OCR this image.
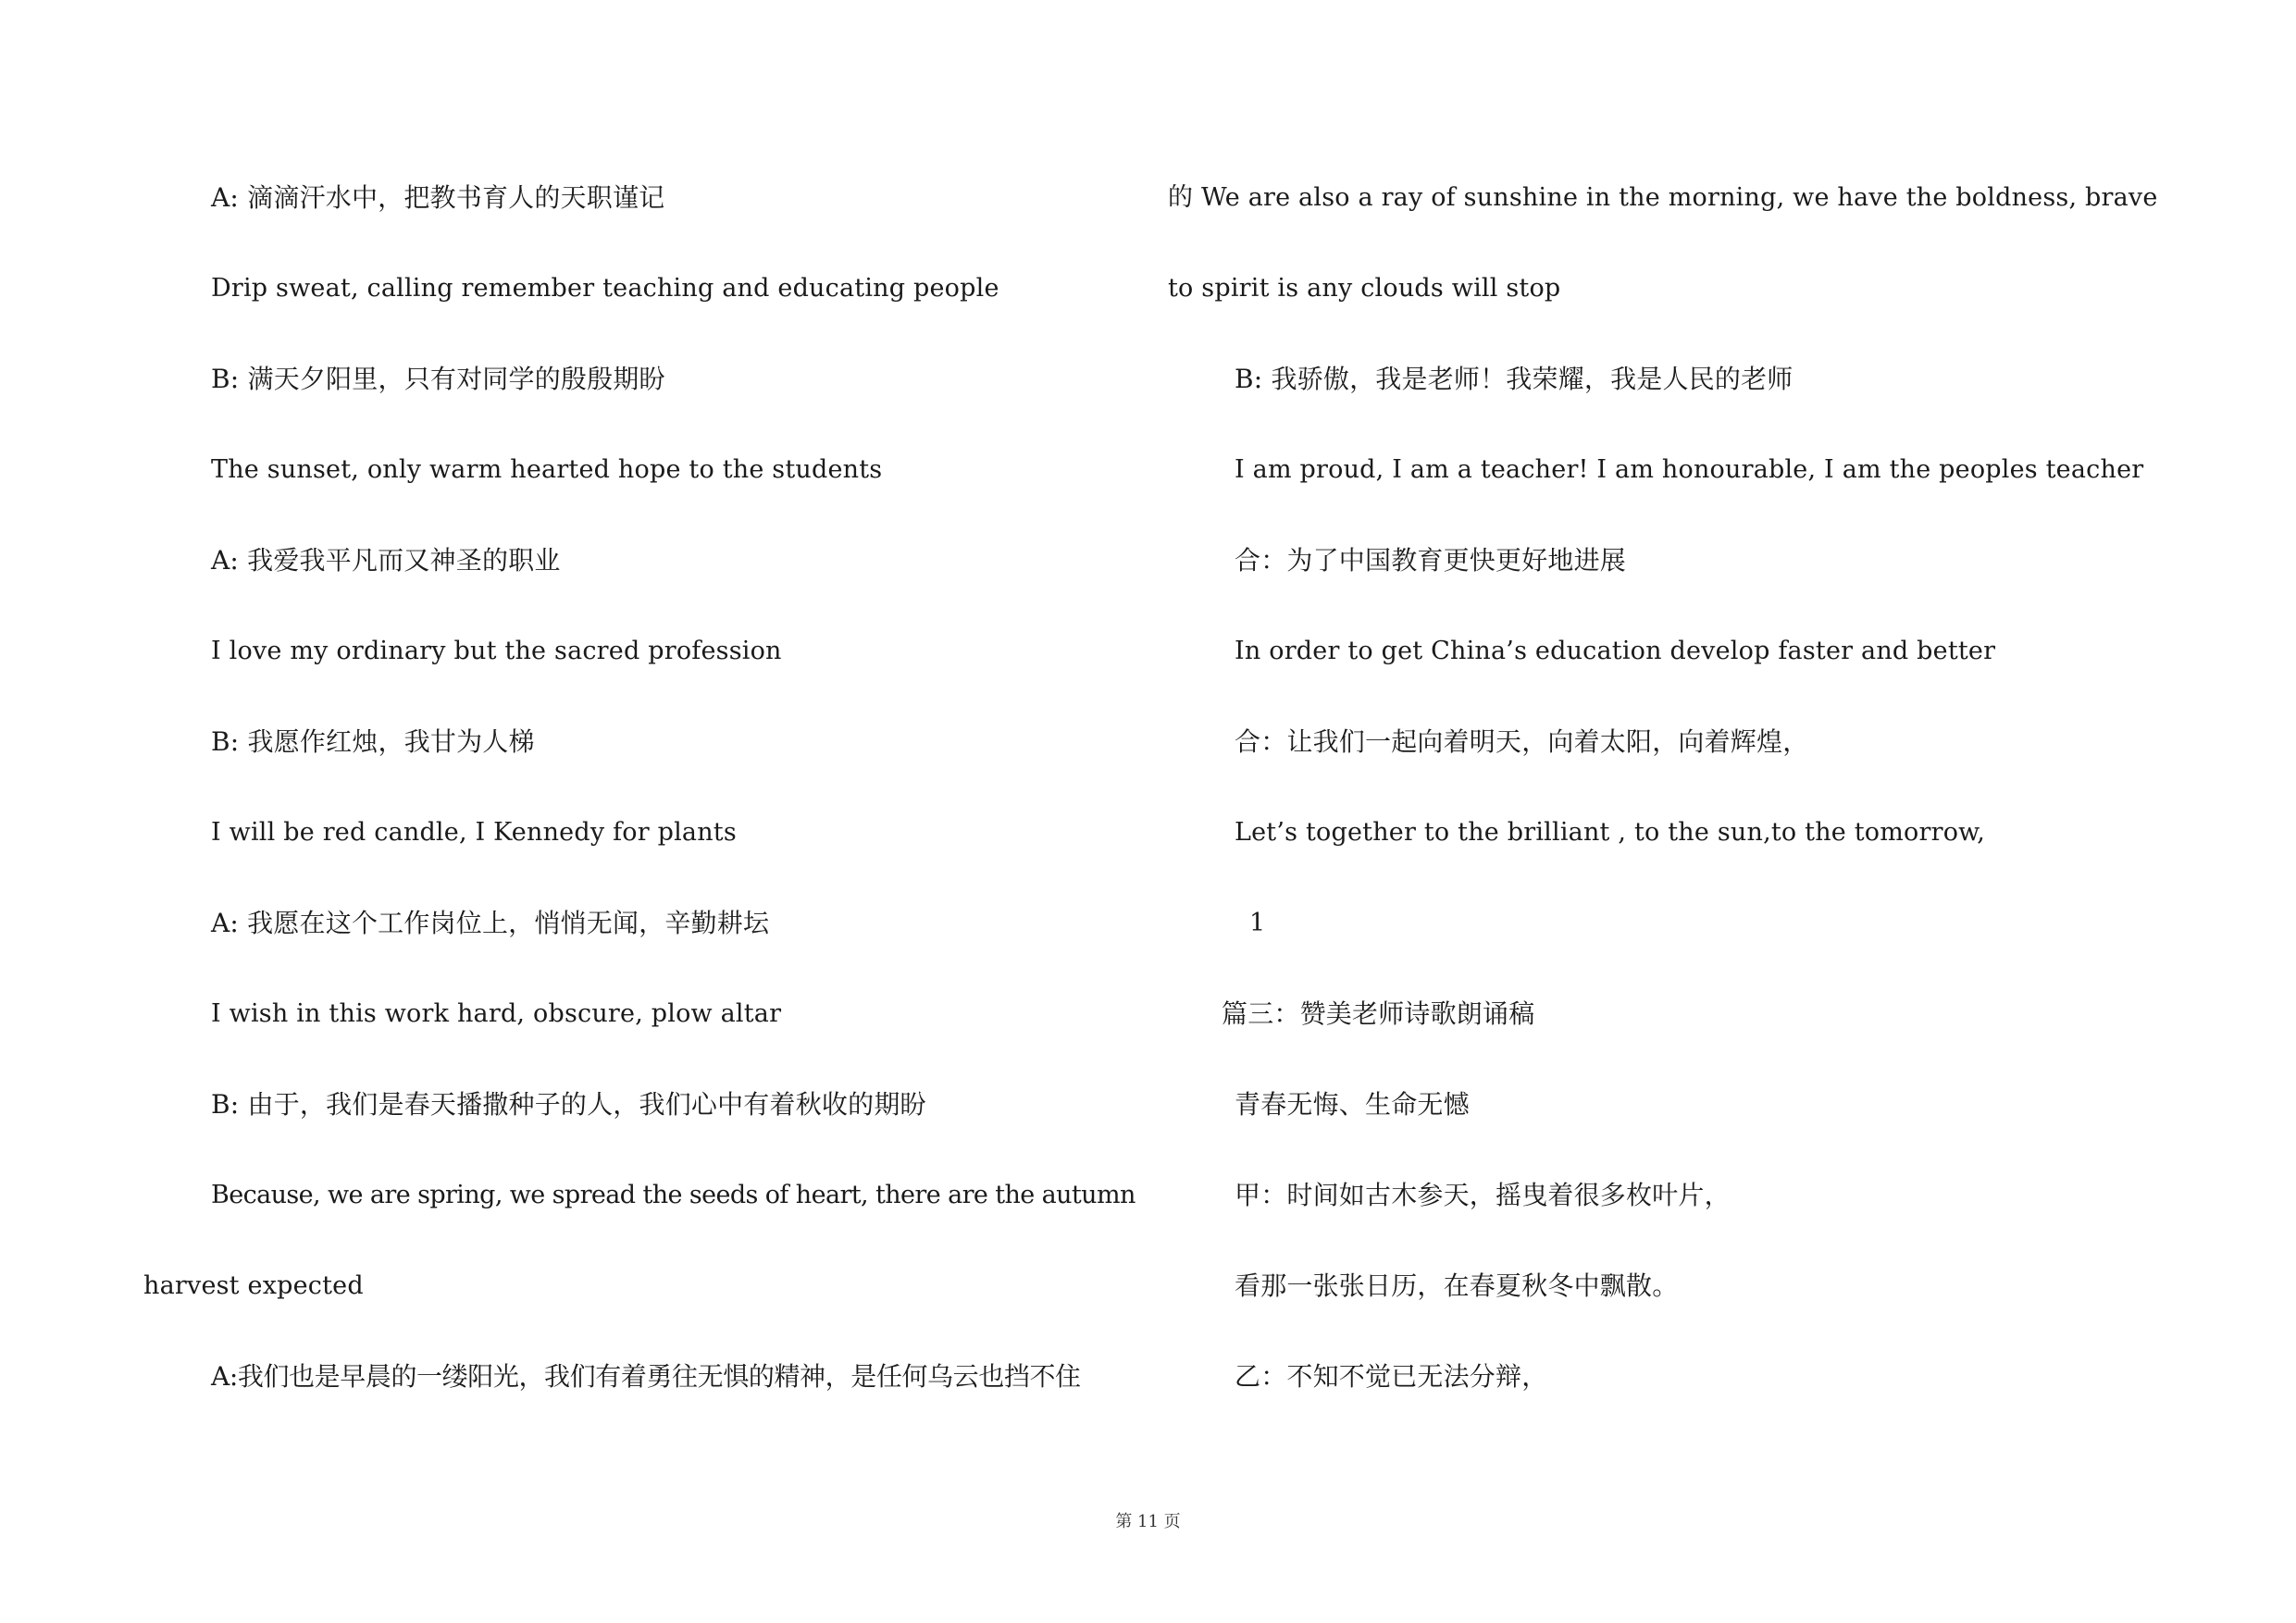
A: 滴滴汗水中，把教书育人的天职谨记
Drip sweat, calling remember teaching and educating people
B: 满天夕阳里，只有对同学的殷殷期盼
The sunset, only warm hearted hope to the students
A: 我爱我平凡而又神圣的职业
I love my ordinary but the sacred profession
B: 我愿作红烛，我甘为人梯
I will be red candle, I Kennedy for plants
A: 我愿在这个工作岗位上，悄悄无闻，辛勤耕坛
I wish in this work hard, obscure, plow altar
B: 由于，我们是春天播撒种子的人，我们心中有着秋收的期盼
Because, we are spring, we spread the seeds of heart, there are the autumn
harvest expected
A:我们也是早晨的一缕阳光，我们有着勇往无惧的精神，是任何乌云也挡不住
的 We are also a ray of sunshine in the morning, we have the boldness, brave
to spirit is any clouds will stop
B: 我骄傲，我是老师！我荣耀，我是人民的老师
I am proud, I am a teacher! I am honourable, I am the peoples teacher
合：为了中国教育更快更好地进展
In order to get China’s education develop faster and better
合：让我们一起向着明天，向着太阳，向着辉煌，
Let’s together to the brilliant , to the sun,to the tomorrow,
1
篇三：赞美老师诗歌朗诵稿
青春无悔、生命无憾
甲：时间如古木参天，摇曳着很多枚叶片，
看那一张张日历，在春夏秋冬中飘散。
乙：不知不觉已无法分辩，
第 11 页
